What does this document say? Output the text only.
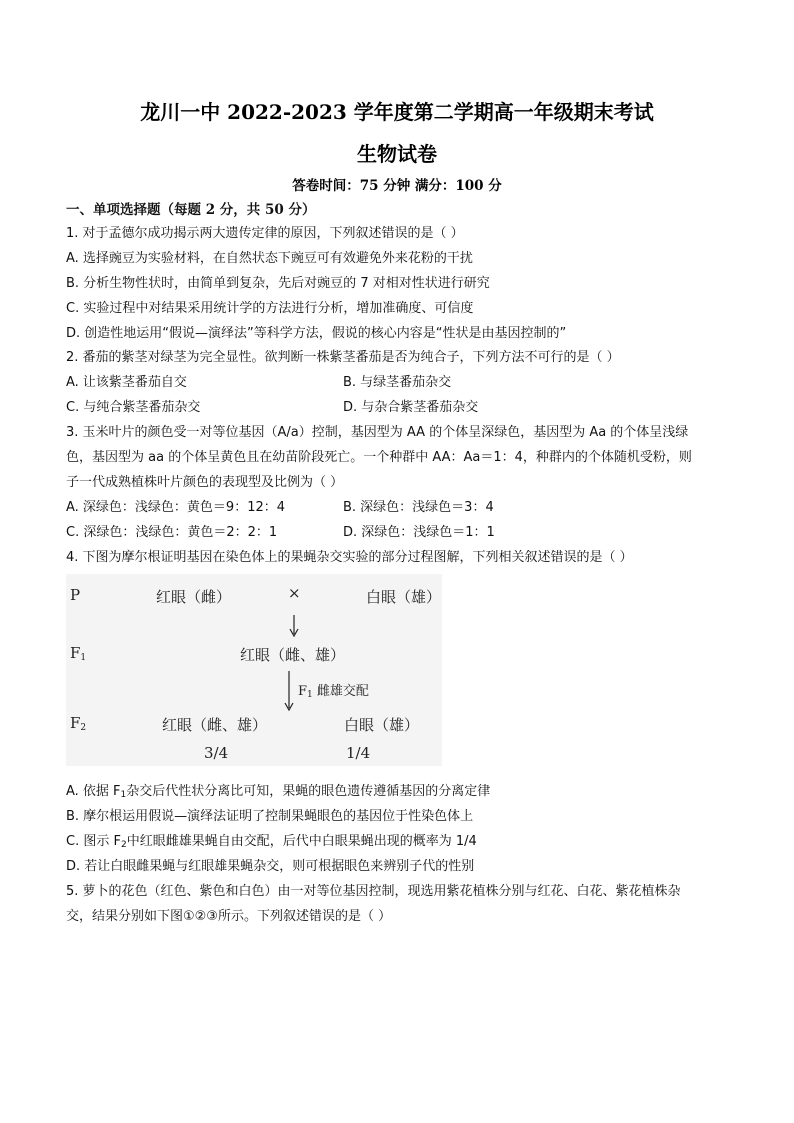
龙川一中 2022-2023 学年度第二学期高一年级期末考试
生物试卷
答卷时间：75 分钟 满分：100 分
一、单项选择题（每题 2 分，共 50 分）
1. 对于孟德尔成功揭示两大遗传定律的原因，下列叙述错误的是（ ）
A. 选择豌豆为实验材料，在自然状态下豌豆可有效避免外来花粉的干扰
B. 分析生物性状时，由简单到复杂，先后对豌豆的 7 对相对性状进行研究
C. 实验过程中对结果采用统计学的方法进行分析，增加准确度、可信度
D. 创造性地运用“假说—演绎法”等科学方法，假说的核心内容是“性状是由基因控制的”
2. 番茄的紫茎对绿茎为完全显性。欲判断一株紫茎番茄是否为纯合子，下列方法不可行的是（ ）
A. 让该紫茎番茄自交	B. 与绿茎番茄杂交
C. 与纯合紫茎番茄杂交	D. 与杂合紫茎番茄杂交
3. 玉米叶片的颜色受一对等位基因（A/a）控制，基因型为 AA 的个体呈深绿色，基因型为 Aa 的个体呈浅绿
色，基因型为 aa 的个体呈黄色且在幼苗阶段死亡。一个种群中 AA：Aa＝1：4，种群内的个体随机受粉，则
子一代成熟植株叶片颜色的表现型及比例为（ ）
A. 深绿色：浅绿色：黄色＝9：12：4	B. 深绿色：浅绿色＝3：4
C. 深绿色：浅绿色：黄色＝2：2：1	D. 深绿色：浅绿色＝1：1
4. 下图为摩尔根证明基因在染色体上的果蝇杂交实验的部分过程图解，下列相关叙述错误的是（ ）
P	红眼（雌）	×	白眼（雄）
$F_1$	红眼（雌、雄）
$F_1$ 雌雄交配
$F_2$	红眼（雌、雄）	白眼（雄）
3/4	1/4
A. 依据 $F_1$杂交后代性状分离比可知，果蝇的眼色遗传遵循基因的分离定律
B. 摩尔根运用假说—演绎法证明了控制果蝇眼色的基因位于性染色体上
C. 图示 $F_2$中红眼雌雄果蝇自由交配，后代中白眼果蝇出现的概率为 1/4
D. 若让白眼雌果蝇与红眼雄果蝇杂交，则可根据眼色来辨别子代的性别
5. 萝卜的花色（红色、紫色和白色）由一对等位基因控制，现选用紫花植株分别与红花、白花、紫花植株杂
交，结果分别如下图①②③所示。下列叙述错误的是（ ）
